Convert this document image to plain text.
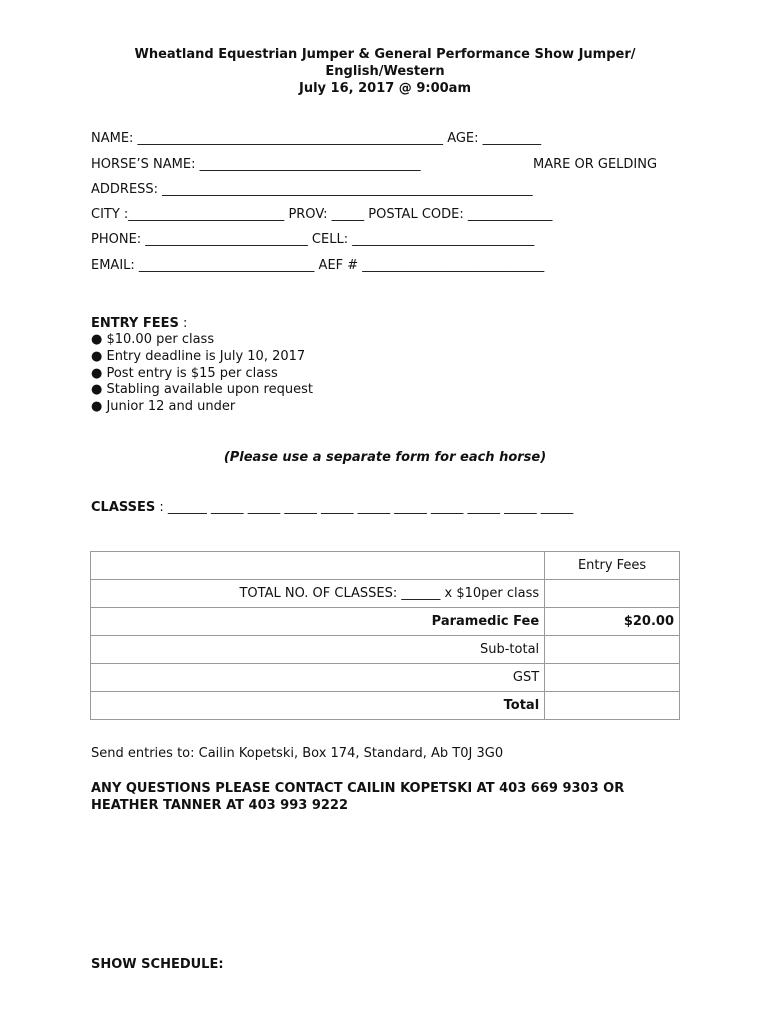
Wheatland Equestrian Jumper & General Performance Show Jumper/
English/Western
July 16, 2017 @ 9:00am
NAME: _______________________________________________ AGE: _________
HORSE’S NAME: __________________________________	MARE OR GELDING
ADDRESS: _________________________________________________________
CITY :________________________ PROV: _____ POSTAL CODE: _____________
PHONE: _________________________ CELL: ____________________________
EMAIL: ___________________________ AEF # ____________________________
ENTRY FEES :
● $10.00 per class
● Entry deadline is July 10, 2017
● Post entry is $15 per class
● Stabling available upon request
● Junior 12 and under
(Please use a separate form for each horse)
CLASSES : ______ _____ _____ _____ _____ _____ _____ _____ _____ _____ _____
	Entry Fees
TOTAL NO. OF CLASSES: ______ x $10per class	
Paramedic Fee	$20.00
Sub-total	
GST	
Total	
Send entries to: Cailin Kopetski, Box 174, Standard, Ab T0J 3G0
ANY QUESTIONS PLEASE CONTACT CAILIN KOPETSKI AT 403 669 9303 OR HEATHER TANNER AT 403 993 9222
SHOW SCHEDULE:
